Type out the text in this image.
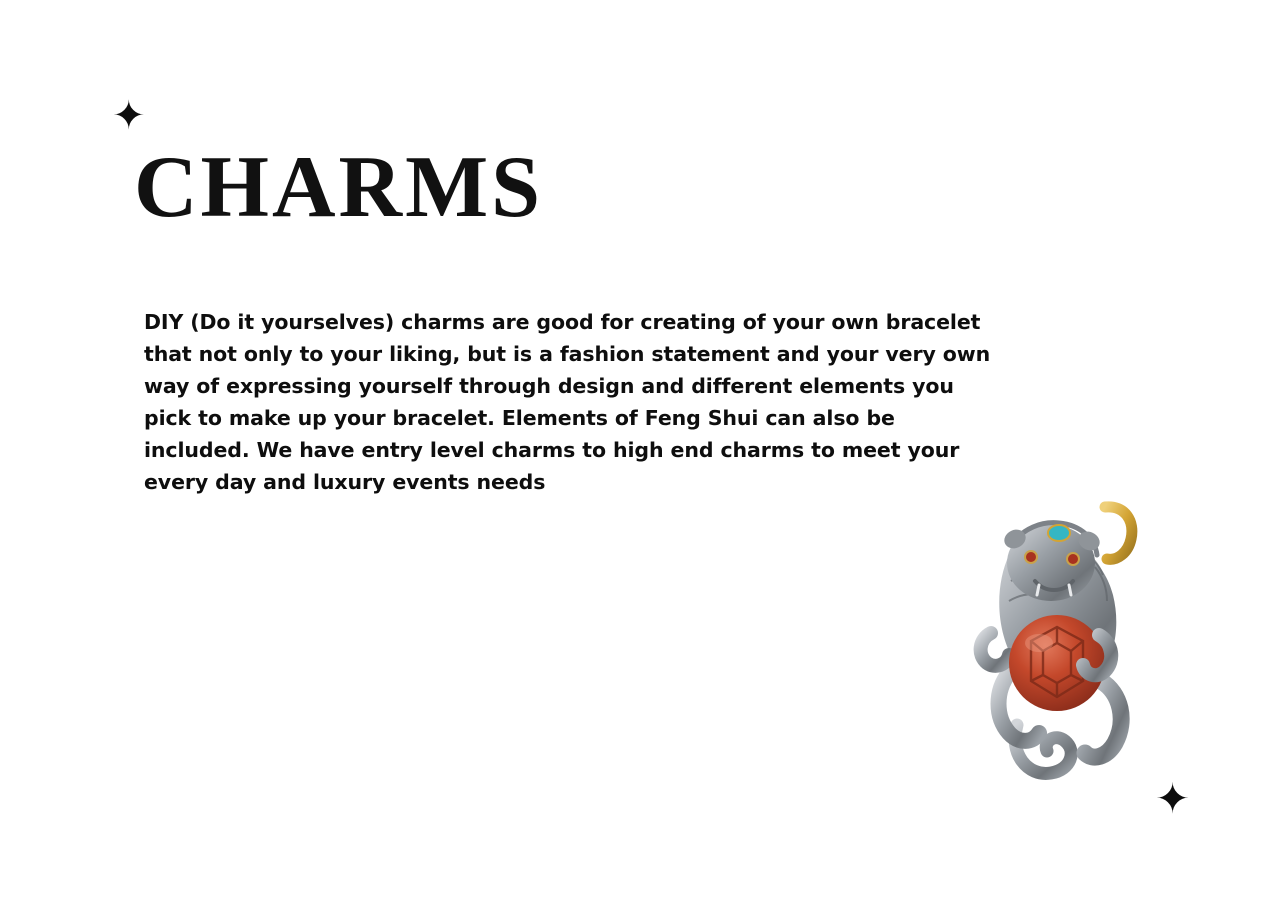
✦
CHARMS

DIY (Do it yourselves) charms are good for creating of your own bracelet that not only to your liking, but is a fashion statement and your very own way of expressing yourself through design and different elements you pick to make up your bracelet. Elements of Feng Shui can also be included. We have entry level charms to high end charms to meet your every day and luxury events needs

✦
